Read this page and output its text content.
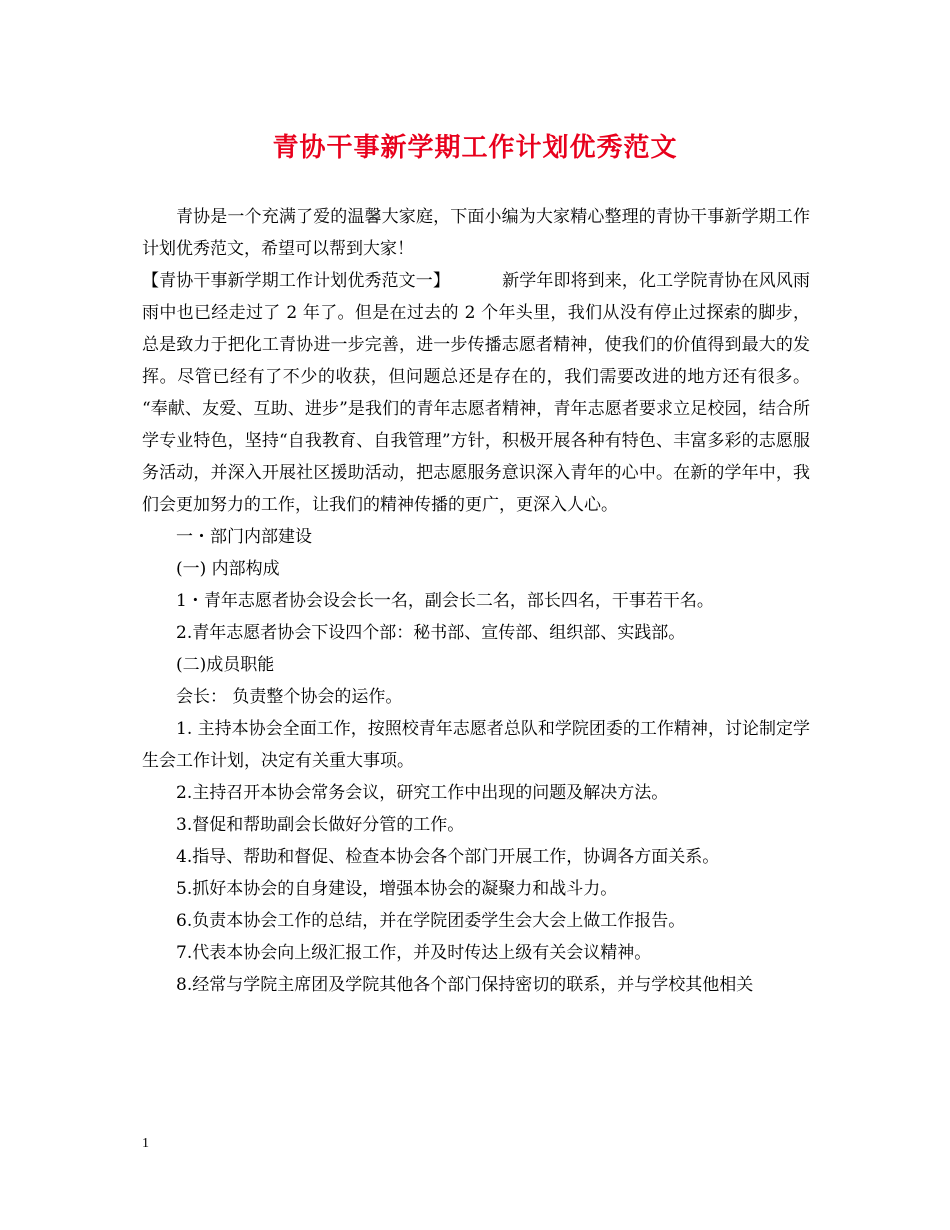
青协干事新学期工作计划优秀范文

青协是一个充满了爱的温馨大家庭，下面小编为大家精心整理的青协干事新学期工作计划优秀范文，希望可以帮到大家！

【青协干事新学期工作计划优秀范文一】	新学年即将到来，化工学院青协在风风雨雨中也已经走过了 2 年了。但是在过去的 2 个年头里，我们从没有停止过探索的脚步，总是致力于把化工青协进一步完善，进一步传播志愿者精神，使我们的价值得到最大的发挥。尽管已经有了不少的收获，但问题总还是存在的，我们需要改进的地方还有很多。 “奉献、友爱、互助、进步”是我们的青年志愿者精神，青年志愿者要求立足校园，结合所学专业特色，坚持“自我教育、自我管理”方针，积极开展各种有特色、丰富多彩的志愿服务活动，并深入开展社区援助活动，把志愿服务意识深入青年的心中。在新的学年中，我们会更加努力的工作，让我们的精神传播的更广，更深入人心。

一・部门内部建设

(一) 内部构成

1・青年志愿者协会设会长一名，副会长二名，部长四名，干事若干名。

2.青年志愿者协会下设四个部：秘书部、宣传部、组织部、实践部。

(二)成员职能

会长： 负责整个协会的运作。

1. 主持本协会全面工作，按照校青年志愿者总队和学院团委的工作精神，讨论制定学生会工作计划，决定有关重大事项。

2.主持召开本协会常务会议，研究工作中出现的问题及解决方法。

3.督促和帮助副会长做好分管的工作。

4.指导、帮助和督促、检查本协会各个部门开展工作，协调各方面关系。

5.抓好本协会的自身建设，增强本协会的凝聚力和战斗力。

6.负责本协会工作的总结，并在学院团委学生会大会上做工作报告。

7.代表本协会向上级汇报工作，并及时传达上级有关会议精神。

8.经常与学院主席团及学院其他各个部门保持密切的联系，并与学校其他相关

1
